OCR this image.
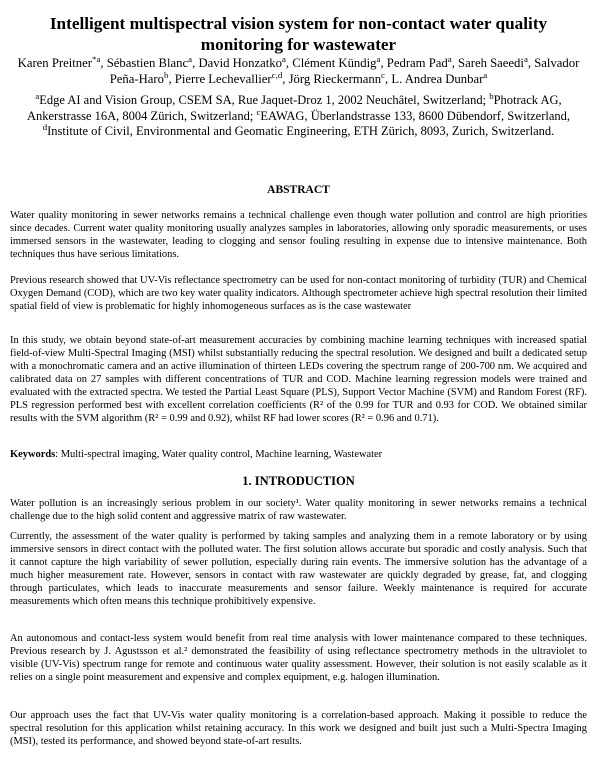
Intelligent multispectral vision system for non-contact water quality
monitoring for wastewater
Karen Preitner$^{*a}$, Sébastien Blanc$^a$, David Honzatko$^a$, Clément Kündig$^a$, Pedram Pad$^a$, Sareh Saeedi$^a$, Salvador Peña-Haro$^b$, Pierre Lechevallier$^{c,d}$, Jörg Rieckermann$^c$, L. Andrea Dunbar$^a$
$^a$Edge AI and Vision Group, CSEM SA, Rue Jaquet-Droz 1, 2002 Neuchâtel, Switzerland; $^b$Photrack AG, Ankerstrasse 16A, 8004 Zürich, Switzerland; $^c$EAWAG, Überlandstrasse 133, 8600 Dübendorf, Switzerland, $^d$Institute of Civil, Environmental and Geomatic Engineering, ETH Zürich, 8093, Zurich, Switzerland.
ABSTRACT

Water quality monitoring in sewer networks remains a technical challenge even though water pollution and control are high priorities since decades. Current water quality monitoring usually analyzes samples in laboratories, allowing only sporadic measurements, or uses immersed sensors in the wastewater, leading to clogging and sensor fouling resulting in expense due to intensive maintenance. Both techniques thus have serious limitations.

Previous research showed that UV-Vis reflectance spectrometry can be used for non-contact monitoring of turbidity (TUR) and Chemical Oxygen Demand (COD), which are two key water quality indicators. Although spectrometer achieve high spectral resolution their limited spatial field of view is problematic for highly inhomogeneous surfaces as is the case wastewater

In this study, we obtain beyond state-of-art measurement accuracies by combining machine learning techniques with increased spatial field-of-view Multi-Spectral Imaging (MSI) whilst substantially reducing the spectral resolution. We designed and built a dedicated setup with a monochromatic camera and an active illumination of thirteen LEDs covering the spectrum range of 200-700 nm. We acquired and calibrated data on 27 samples with different concentrations of TUR and COD. Machine learning regression models were trained and evaluated with the extracted spectra. We tested the Partial Least Square (PLS), Support Vector Machine (SVM) and Random Forest (RF). PLS regression performed best with excellent correlation coefficients (R² of the 0.99 for TUR and 0.93 for COD. We obtained similar results with the SVM algorithm (R² = 0.99 and 0.92), whilst RF had lower scores (R² = 0.96 and 0.71).

Keywords: Multi-spectral imaging, Water quality control, Machine learning, Wastewater

1. INTRODUCTION

Water pollution is an increasingly serious problem in our society¹. Water quality monitoring in sewer networks remains a technical challenge due to the high solid content and aggressive matrix of raw wastewater.

Currently, the assessment of the water quality is performed by taking samples and analyzing them in a remote laboratory or by using immersive sensors in direct contact with the polluted water. The first solution allows accurate but sporadic and costly analysis. Such that it cannot capture the high variability of sewer pollution, especially during rain events. The immersive solution has the advantage of a much higher measurement rate. However, sensors in contact with raw wastewater are quickly degraded by grease, fat, and clogging through particulates, which leads to inaccurate measurements and sensor failure. Weekly maintenance is required for accurate measurements which often means this technique prohibitively expensive.

An autonomous and contact-less system would benefit from real time analysis with lower maintenance compared to these techniques. Previous research by J. Agustsson et al.² demonstrated the feasibility of using reflectance spectrometry methods in the ultraviolet to visible (UV-Vis) spectrum range for remote and continuous water quality assessment. However, their solution is not easily scalable as it relies on a single point measurement and expensive and complex equipment, e.g. halogen illumination.

Our approach uses the fact that UV-Vis water quality monitoring is a correlation-based approach. Making it possible to reduce the spectral resolution for this application whilst retaining accuracy. In this work we designed and built just such a Multi-Spectra Imaging (MSI), tested its performance, and showed beyond state-of-art results.
